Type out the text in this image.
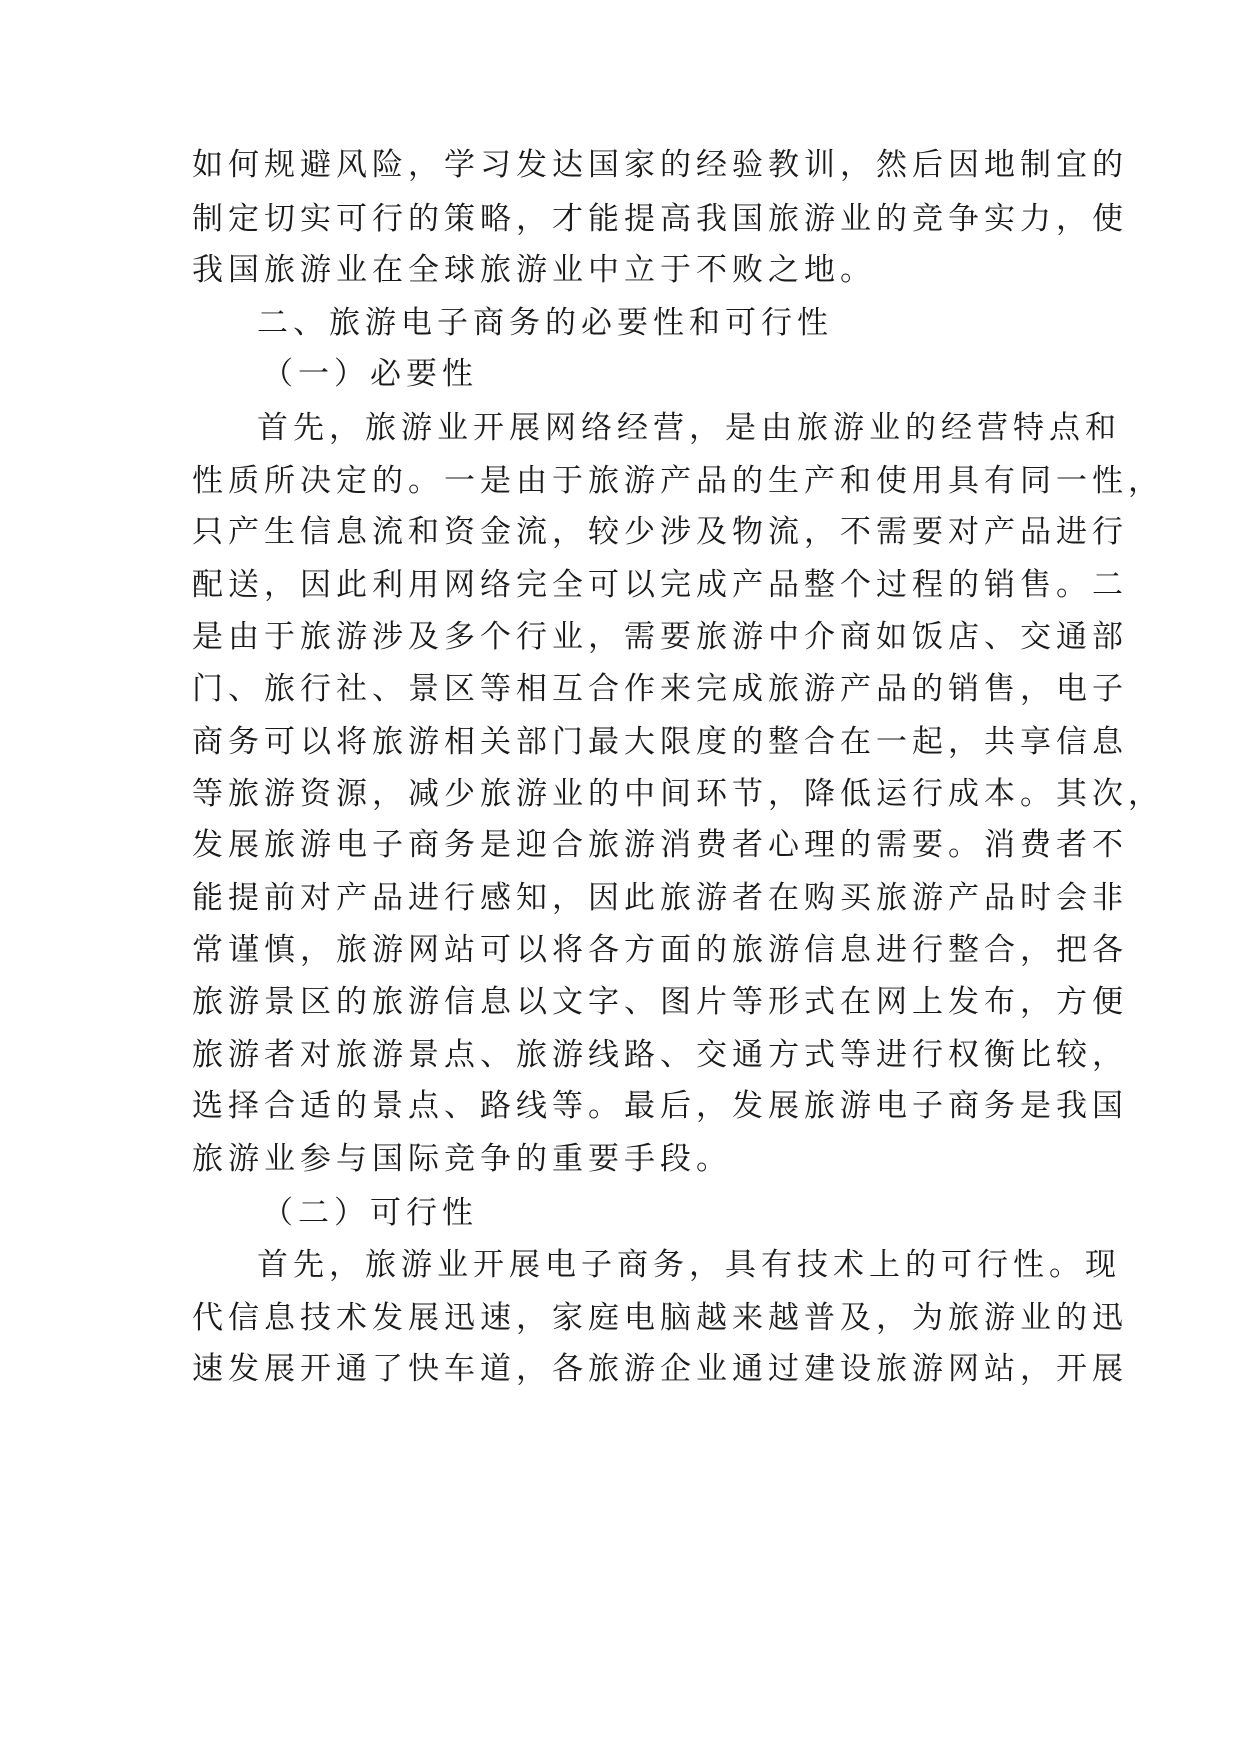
如何规避风险，学习发达国家的经验教训，然后因地制宜的
制定切实可行的策略，才能提高我国旅游业的竞争实力，使
我国旅游业在全球旅游业中立于不败之地。
二、旅游电子商务的必要性和可行性
（一）必要性
首先，旅游业开展网络经营，是由旅游业的经营特点和
性质所决定的。一是由于旅游产品的生产和使用具有同一性，
只产生信息流和资金流，较少涉及物流，不需要对产品进行
配送，因此利用网络完全可以完成产品整个过程的销售。二
是由于旅游涉及多个行业，需要旅游中介商如饭店、交通部
门、旅行社、景区等相互合作来完成旅游产品的销售，电子
商务可以将旅游相关部门最大限度的整合在一起，共享信息
等旅游资源，减少旅游业的中间环节，降低运行成本。其次，
发展旅游电子商务是迎合旅游消费者心理的需要。消费者不
能提前对产品进行感知，因此旅游者在购买旅游产品时会非
常谨慎，旅游网站可以将各方面的旅游信息进行整合，把各
旅游景区的旅游信息以文字、图片等形式在网上发布，方便
旅游者对旅游景点、旅游线路、交通方式等进行权衡比较，
选择合适的景点、路线等。最后，发展旅游电子商务是我国
旅游业参与国际竞争的重要手段。
（二）可行性
首先，旅游业开展电子商务，具有技术上的可行性。现
代信息技术发展迅速，家庭电脑越来越普及，为旅游业的迅
速发展开通了快车道，各旅游企业通过建设旅游网站，开展
